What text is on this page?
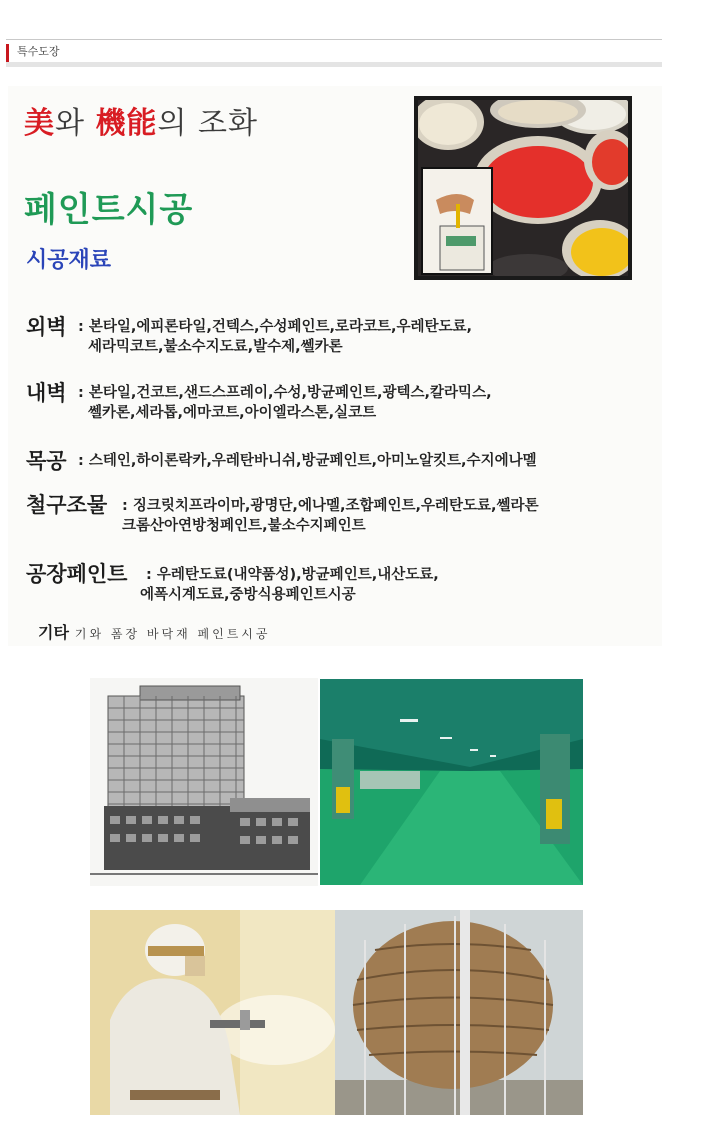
특수도장
美와 機能의 조화
페인트시공
시공재료
외벽 : 본타일,에피론타일,건텍스,수성페인트,로라코트,우레탄도료,
세라믹코트,불소수지도료,발수제,쎌카론
내벽 : 본타일,건코트,샌드스프레이,수성,방균페인트,광텍스,칼라믹스,
쎌카론,세라톱,에마코트,아이엘라스톤,실코트
목공 : 스테인,하이론락카,우레탄바니쉬,방균페인트,아미노알킷트,수지에나멜
철구조물 : 징크릿치프라이마,광명단,에나멜,조합페인트,우레탄도료,쎌라톤
크롬산아연방청페인트,불소수지페인트
공장페인트 : 우레탄도료(내약품성),방균페인트,내산도료,
에폭시계도료,중방식용페인트시공
기타 기와 폼장 바닥재 페인트시공
